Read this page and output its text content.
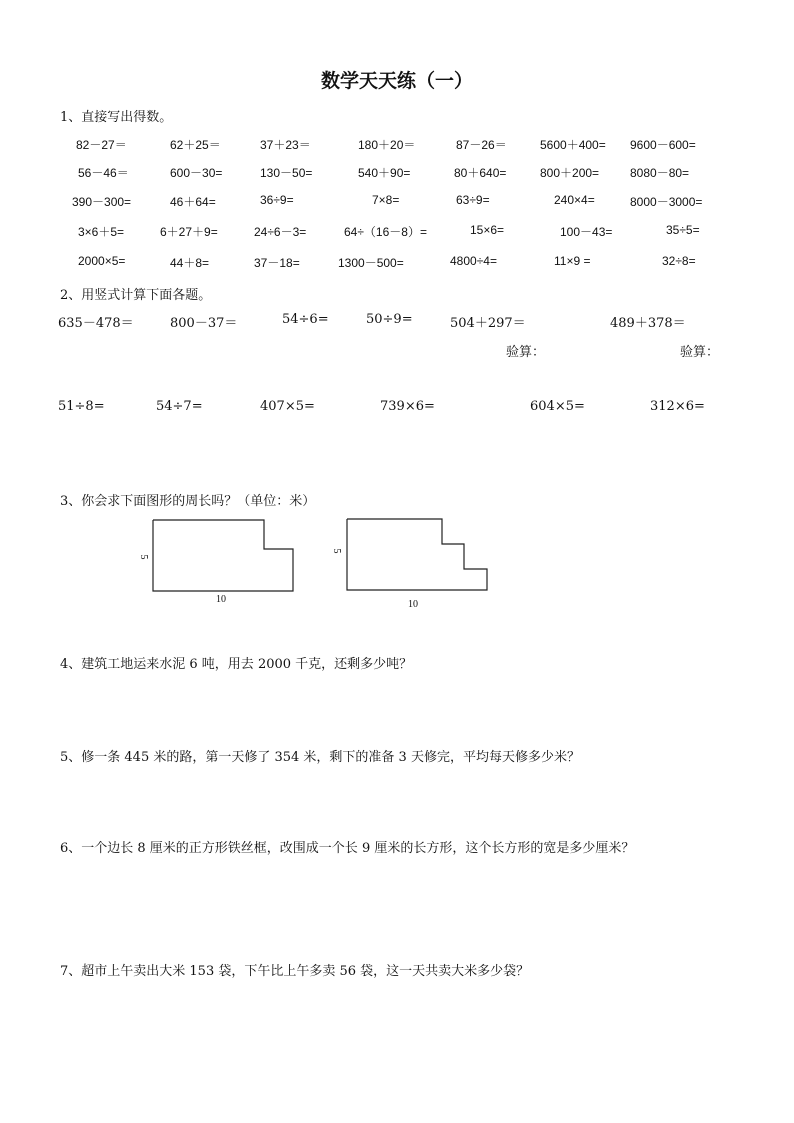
数学天天练（一）
1、直接写出得数。
82－27＝	62＋25＝	37＋23＝	180＋20＝	87－26＝	5600＋400= 9600－600=
56－46＝	600－30=	130－50=	540＋90=	80＋640=	800＋200=	8080－80=
390－300=	46＋64=	36÷9=	7×8=	63÷9=	240×4=	8000－3000=
3×6＋5=	6＋27＋9=	24÷6－3=	64÷（16－8）=	15×6=	100－43=	35÷5=
2000×5=	44＋8=	37－18=	1300－500=	4800÷4=	11×9 =	32÷8=
2、用竖式计算下面各题。
635－478＝	800－37＝	54÷6=	50÷9=	504＋297＝	489＋378＝
验算：	验算：
51÷8=	54÷7=	407×5=	739×6=	604×5=	312×6=
3、你会求下面图形的周长吗？（单位：米）
5
10
5
10
4、建筑工地运来水泥 6 吨，用去 2000 千克，还剩多少吨？
5、修一条 445 米的路，第一天修了 354 米，剩下的准备 3 天修完，平均每天修多少米？
6、一个边长 8 厘米的正方形铁丝框，改围成一个长 9 厘米的长方形，这个长方形的宽是多少厘米？
7、超市上午卖出大米 153 袋，下午比上午多卖 56 袋，这一天共卖大米多少袋？
